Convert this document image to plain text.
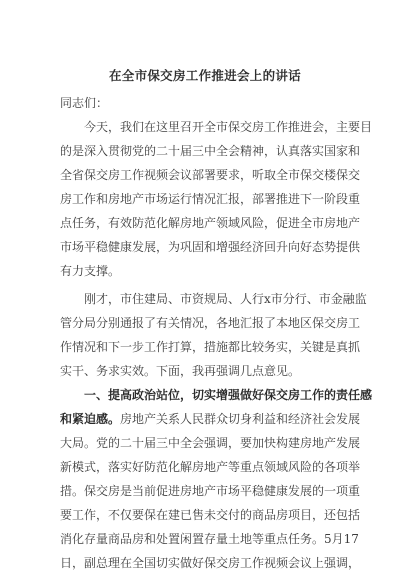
在全市保交房工作推进会上的讲话
同志们：
今天，我们在这里召开全市保交房工作推进会，主要目
的是深入贯彻党的二十届三中全会精神，认真落实国家和
全省保交房工作视频会议部署要求，听取全市保交楼保交
房工作和房地产市场运行情况汇报，部署推进下一阶段重
点任务，有效防范化解房地产领域风险，促进全市房地产
市场平稳健康发展，为巩固和增强经济回升向好态势提供
有力支撑。
刚才，市住建局、市资规局、人行x市分行、市金融监
管分局分别通报了有关情况，各地汇报了本地区保交房工
作情况和下一步工作打算，措施都比较务实，关键是真抓
实干、务求实效。下面，我再强调几点意见。
一、提高政治站位，切实增强做好保交房工作的责任感
和紧迫感。房地产关系人民群众切身利益和经济社会发展
大局。党的二十届三中全会强调，要加快构建房地产发展
新模式，落实好防范化解房地产等重点领域风险的各项举
措。保交房是当前促进房地产市场平稳健康发展的一项重
要工作，不仅要保在建已售未交付的商品房项目，还包括
消化存量商品房和处置闲置存量土地等重点任务。5月17
日，副总理在全国切实做好保交房工作视频会议上强调，
